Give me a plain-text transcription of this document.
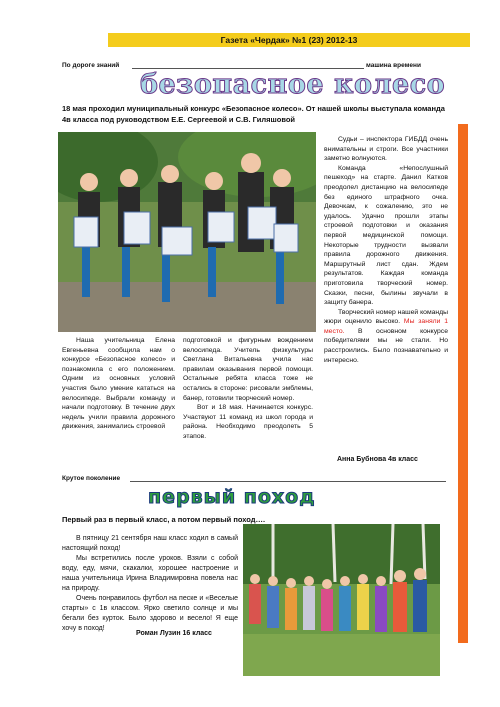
Газета «Чердак» №1 (23) 2012-13
По дороге знаний	машина времени
безопасное колесо
18 мая проходил муниципальный конкурс «Безопасное колесо». От нашей школы выступала команда 4в класса под руководством Е.Е. Сергеевой и С.В. Гиляшовой

Судьи – инспектора ГИБДД очень внимательны и строги. Все участники заметно волнуются.

Команда «Непослушный пешеход» на старте. Данил Катков преодолел дистанцию на велосипеде без единого штрафного очка. Девочкам, к сожалению, это не удалось. Удачно прошли этапы строевой подготовки и оказания первой медицинской помощи. Некоторые трудности вызвали правила дорожного движения. Маршрутный лист сдан. Ждем результатов. Каждая команда приготовила творческий номер. Сказки, песни, былины звучали в защиту банера.

Творческий номер нашей команды жюри оценило высоко. Мы заняли 1 место. В основном конкурсе победителями мы не стали. Но расстроились. Было познавательно и интересно.

Наша учительница Елена Евгеньевна сообщила нам о конкурсе «Безопасное колесо» и познакомила с его положением. Одним из основных условий участия было умение кататься на велосипеде. Выбрали команду и начали подготовку. В течение двух недель учили правила дорожного движения, занимались строевой

подготовкой и фигурным вождением велосипеда. Учитель физкультуры Светлана Витальевна учила нас правилам оказывания первой помощи. Остальные ребята класса тоже не остались в стороне: рисовали эмблемы, банер, готовили творческий номер.

Вот и 18 мая. Начинается конкурс. Участвуют 11 команд из школ города и района. Необходимо преодолеть 5 этапов.

Анна Бубнова 4в класс
Крутое поколение
первый поход
Первый раз в первый класс, а потом первый поход….

В пятницу 21 сентября наш класс ходил в самый настоящий поход!

Мы встретились после уроков. Взяли с собой воду, еду, мячи, скакалки, хорошее настроение и наша учительница Ирина Владимировна повела нас на природу.

Очень понравилось футбол на песке и «Веселые старты» с 1в классом. Ярко светило солнце и мы бегали без курток. Было здорово и весело! Я еще хочу в поход!

Роман Лузин 16 класс
